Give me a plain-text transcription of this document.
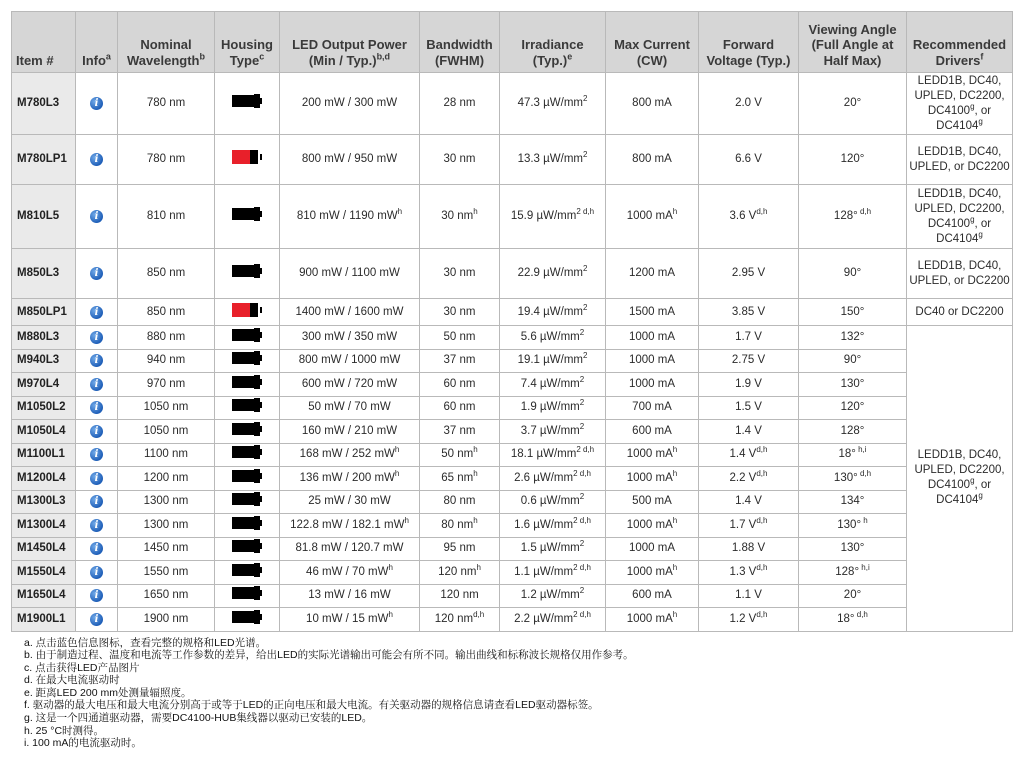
Item #	Info$^a$	Nominal Wavelength$^b$	Housing Type$^c$	LED Output Power (Min / Typ.)$^{b,d}$	Bandwidth (FWHM)	Irradiance $(Typ.)^e$	Max Current (CW)	Forward Voltage (Typ.)	Viewing Angle (Full Angle at Half Max)	Recommended Drivers$^f$
M780L3	i	780 nm		200 mW / 300 mW	28 nm	47.3 $\mu W/mm^2$	800 mA	2.0 V	20°	LEDD1B, DC40, UPLED, DC2200, DC4100$^g$, or DC4104$^g$
M780LP1	i	780 nm		800 mW / 950 mW	30 nm	13.3 $\mu W/mm^2$	800 mA	6.6 V	120°	LEDD1B, DC40, UPLED, or DC2200
M810L5	i	810 nm		810 mW / 1190 $mW^h$	30 $nm^h$	15.9 $\mu W/mm^{2 d,h}$	1000 $mA^h$	3.6 V$^{d,h}$	128° $^{d,h}$	LEDD1B, DC40, UPLED, DC2200, DC4100$^g$, or DC4104$^g$
M850L3	i	850 nm		900 mW / 1100 mW	30 nm	22.9 $\mu W/mm^2$	1200 mA	2.95 V	90°	LEDD1B, DC40, UPLED, or DC2200
M850LP1	i	850 nm		1400 mW / 1600 mW	30 nm	19.4 $\mu W/mm^2$	1500 mA	3.85 V	150°	DC40 or DC2200
M880L3	i	880 nm		300 mW / 350 mW	50 nm	5.6 $\mu W/mm^2$	1000 mA	1.7 V	132°	LEDD1B, DC40, UPLED, DC2200, DC4100$^g$, or DC4104$^g$
M940L3	i	940 nm		800 mW / 1000 mW	37 nm	19.1 $\mu W/mm^2$	1000 mA	2.75 V	90°	
M970L4	i	970 nm		600 mW / 720 mW	60 nm	7.4 $\mu W/mm^2$	1000 mA	1.9 V	130°	
M1050L2	i	1050 nm		50 mW / 70 mW	60 nm	1.9 $\mu W/mm^2$	700 mA	1.5 V	120°	
M1050L4	i	1050 nm		160 mW / 210 mW	37 nm	3.7 $\mu W/mm^2$	600 mA	1.4 V	128°	
M1100L1	i	1100 nm		168 mW / 252 $mW^h$	50 $nm^h$	18.1 $\mu W/mm^{2 d,h}$	1000 $mA^h$	1.4 V$^{d,h}$	18° $^{h,i}$
M1200L4	i	1200 nm		136 mW / 200 $mW^h$	65 $nm^h$	2.6 $\mu W/mm^{2 d,h}$	1000 $mA^h$	2.2 V$^{d,h}$	130° $^{d,h}$
M1300L3	i	1300 nm		25 mW / 30 mW	80 nm	0.6 $\mu W/mm^2$	500 mA	1.4 V	134°	
M1300L4	i	1300 nm		122.8 mW / 182.1 $mW^h$	80 $nm^h$	1.6 $\mu W/mm^{2 d,h}$	1000 $mA^h$	1.7 V$^{d,h}$	130° $^h$
M1450L4	i	1450 nm		81.8 mW / 120.7 mW	95 nm	1.5 $\mu W/mm^2$	1000 mA	1.88 V	130°	
M1550L4	i	1550 nm		46 mW / 70 $mW^h$	120 $nm^h$	1.1 $\mu W/mm^{2 d,h}$	1000 $mA^h$	1.3 V$^{d,h}$	128° $^{h,i}$
M1650L4	i	1650 nm		13 mW / 16 mW	120 nm	1.2 $\mu W/mm^2$	600 mA	1.1 V	20°	
M1900L1	i	1900 nm		10 mW / 15 $mW^h$	120 nm$^{d,h}$	2.2 $\mu W/mm^{2 d,h}$	1000 $mA^h$	1.2 V$^{d,h}$	18° $^{d,h}$
a. 点击蓝色信息图标，查看完整的规格和LED光谱。
b. 由于制造过程、温度和电流等工作参数的差异，给出LED的实际光谱输出可能会有所不同。输出曲线和标称波长规格仅用作参考。
c. 点击获得LED产品图片
d. 在最大电流驱动时
e. 距离LED 200 mm处测量辐照度。
f. 驱动器的最大电压和最大电流分别高于或等于LED的正向电压和最大电流。有关驱动器的规格信息请查看LED驱动器标签。
g. 这是一个四通道驱动器，需要DC4100-HUB集线器以驱动已安装的LED。
h. 25 °C时测得。
i. 100 mA的电流驱动时。
